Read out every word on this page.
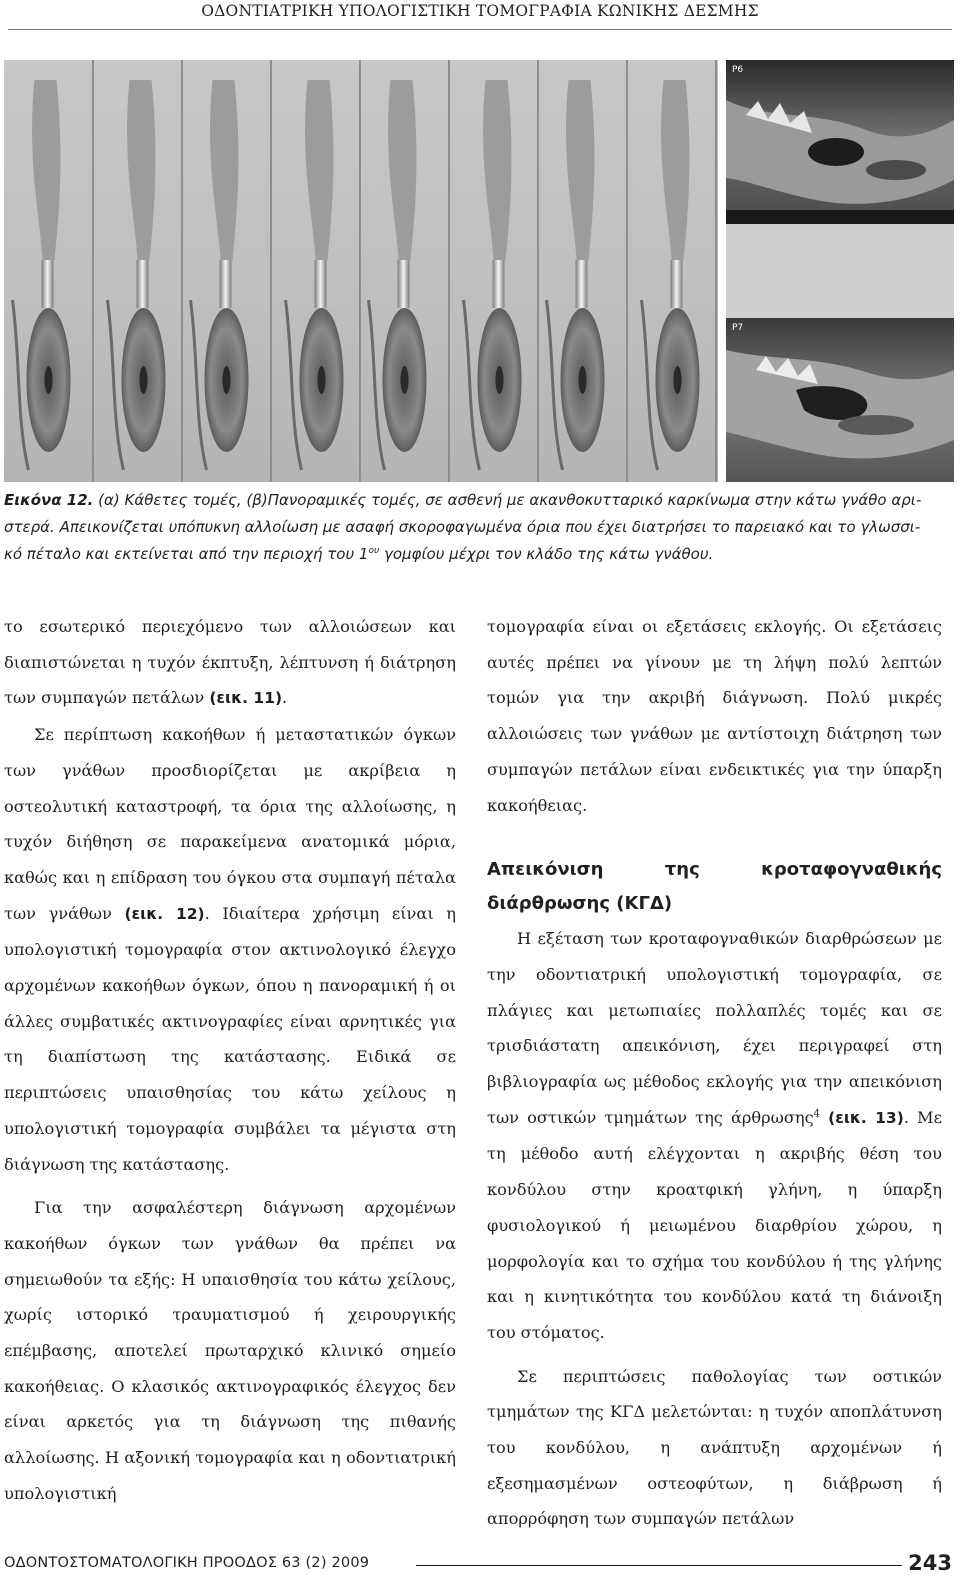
ΟΔΟΝΤΙΑΤΡΙΚΗ ΥΠΟΛΟΓΙΣΤΙΚΗ ΤΟΜΟΓΡΑΦΙΑ ΚΩΝΙΚΗΣ ΔΕΣΜΗΣ
P6
P7
Εικόνα 12. (α) Κάθετες τομές, (β)Πανοραμικές τομές, σε ασθενή με ακανθοκυτταρικό καρκίνωμα στην κάτω γνάθο αρι-
στερά. Απεικονίζεται υπόπυκνη αλλοίωση με ασαφή σκοροφαγωμένα όρια που έχει διατρήσει το παρειακό και το γλωσσι-
κό πέταλο και εκτείνεται από την περιοχή του $1^{o\upsilon}$ γομφίου μέχρι τον κλάδο της κάτω γνάθου.

το εσωτερικό περιεχόμενο των αλλοιώσεων και διαπιστώνεται η τυχόν έκπτυξη, λέπτυνση ή διάτρηση των συμπαγών πετάλων (εικ. 11).

Σε περίπτωση κακοήθων ή μεταστατικών όγκων των γνάθων προσδιορίζεται με ακρίβεια η οστεολυτική καταστροφή, τα όρια της αλλοίωσης, η τυχόν διήθηση σε παρακείμενα ανατομικά μόρια, καθώς και η επίδραση του όγκου στα συμπαγή πέταλα των γνάθων (εικ. 12). Ιδιαίτερα χρήσιμη είναι η υπολογιστική τομογραφία στον ακτινολογικό έλεγχο αρχομένων κακοήθων όγκων, όπου η πανοραμική ή οι άλλες συμβατικές ακτινογραφίες είναι αρνητικές για τη διαπίστωση της κατάστασης. Ειδικά σε περιπτώσεις υπαισθησίας του κάτω χείλους η υπολογιστική τομογραφία συμβάλει τα μέγιστα στη διάγνωση της κατάστασης.

Για την ασφαλέστερη διάγνωση αρχομένων κακοήθων όγκων των γνάθων θα πρέπει να σημειωθούν τα εξής: Η υπαισθησία του κάτω χείλους, χωρίς ιστορικό τραυματισμού ή χειρουργικής επέμβασης, αποτελεί πρωταρχικό κλινικό σημείο κακοήθειας. Ο κλασικός ακτινογραφικός έλεγχος δεν είναι αρκετός για τη διάγνωση της πιθανής αλλοίωσης. Η αξονική τομογραφία και η οδοντιατρική υπολογιστική

τομογραφία είναι οι εξετάσεις εκλογής. Οι εξετάσεις αυτές πρέπει να γίνουν με τη λήψη πολύ λεπτών τομών για την ακριβή διάγνωση. Πολύ μικρές αλλοιώσεις των γνάθων με αντίστοιχη διάτρηση των συμπαγών πετάλων είναι ενδεικτικές για την ύπαρξη κακοήθειας.

Απεικόνιση της κροταφογναθικής διάρθρωσης (ΚΓΔ)

Η εξέταση των κροταφογναθικών διαρθρώσεων με την οδοντιατρική υπολογιστική τομογραφία, σε πλάγιες και μετωπιαίες πολλαπλές τομές και σε τρισδιάστατη απεικόνιση, έχει περιγραφεί στη βιβλιογραφία ως μέθοδος εκλογής για την απεικόνιση των οστικών τμημάτων της άρθρωσης$^4$ (εικ. 13). Με τη μέθοδο αυτή ελέγχονται η ακριβής θέση του κονδύλου στην κροατφική γλήνη, η ύπαρξη φυσιολογικού ή μειωμένου διαρθρίου χώρου, η μορφολογία και το σχήμα του κονδύλου ή της γλήνης και η κινητικότητα του κονδύλου κατά τη διάνοιξη του στόματος.

Σε περιπτώσεις παθολογίας των οστικών τμημάτων της ΚΓΔ μελετώνται: η τυχόν αποπλάτυνση του κονδύλου, η ανάπτυξη αρχομένων ή εξεσημασμένων οστεοφύτων, η διάβρωση ή απορρόφηση των συμπαγών πετάλων

ΟΔΟΝΤΟΣΤΟΜΑΤΟΛΟΓΙΚΗ ΠΡΟΟΔΟΣ 63 (2) 2009	243
